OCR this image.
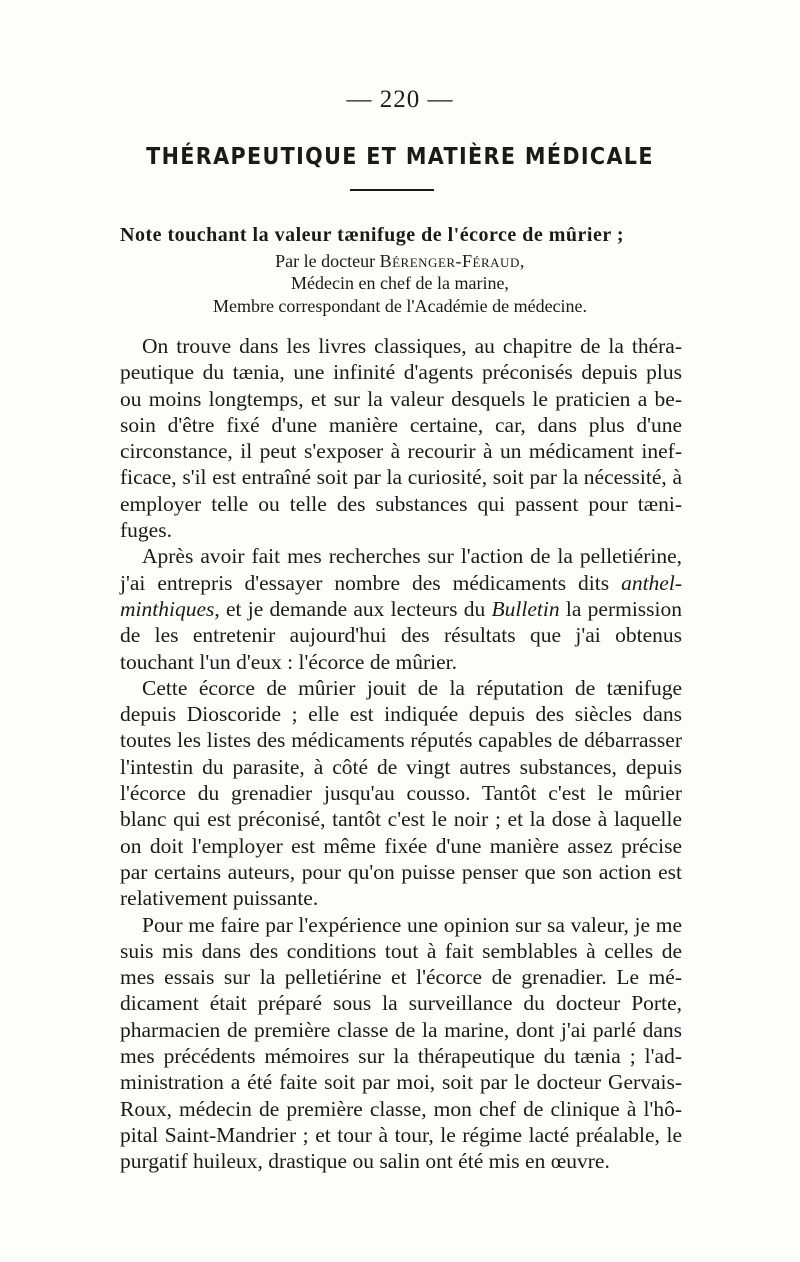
— 220 —
THÉRAPEUTIQUE ET MATIÈRE MÉDICALE
Note touchant la valeur tænifuge de l'écorce de mûrier ;
Par le docteur Bérenger-Féraud,
Médecin en chef de la marine,
Membre correspondant de l'Académie de médecine.

On trouve dans les livres classiques, au chapitre de la thérapeutique du tænia, une infinité d'agents préconisés depuis plus ou moins longtemps, et sur la valeur desquels le praticien a besoin d'être fixé d'une manière certaine, car, dans plus d'une circonstance, il peut s'exposer à recourir à un médicament inefficace, s'il est entraîné soit par la curiosité, soit par la nécessité, à employer telle ou telle des substances qui passent pour tænifuges.

Après avoir fait mes recherches sur l'action de la pelletiérine, j'ai entrepris d'essayer nombre des médicaments dits anthelminthiques, et je demande aux lecteurs du Bulletin la permission de les entretenir aujourd'hui des résultats que j'ai obtenus touchant l'un d'eux : l'écorce de mûrier.

Cette écorce de mûrier jouit de la réputation de tænifuge depuis Dioscoride ; elle est indiquée depuis des siècles dans toutes les listes des médicaments réputés capables de débarrasser l'intestin du parasite, à côté de vingt autres substances, depuis l'écorce du grenadier jusqu'au cousso. Tantôt c'est le mûrier blanc qui est préconisé, tantôt c'est le noir ; et la dose à laquelle on doit l'employer est même fixée d'une manière assez précise par certains auteurs, pour qu'on puisse penser que son action est relativement puissante.

Pour me faire par l'expérience une opinion sur sa valeur, je me suis mis dans des conditions tout à fait semblables à celles de mes essais sur la pelletiérine et l'écorce de grenadier. Le médicament était préparé sous la surveillance du docteur Porte, pharmacien de première classe de la marine, dont j'ai parlé dans mes précédents mémoires sur la thérapeutique du tænia ; l'administration a été faite soit par moi, soit par le docteur Gervais-Roux, médecin de première classe, mon chef de clinique à l'hôpital Saint-Mandrier ; et tour à tour, le régime lacté préalable, le purgatif huileux, drastique ou salin ont été mis en œuvre.
